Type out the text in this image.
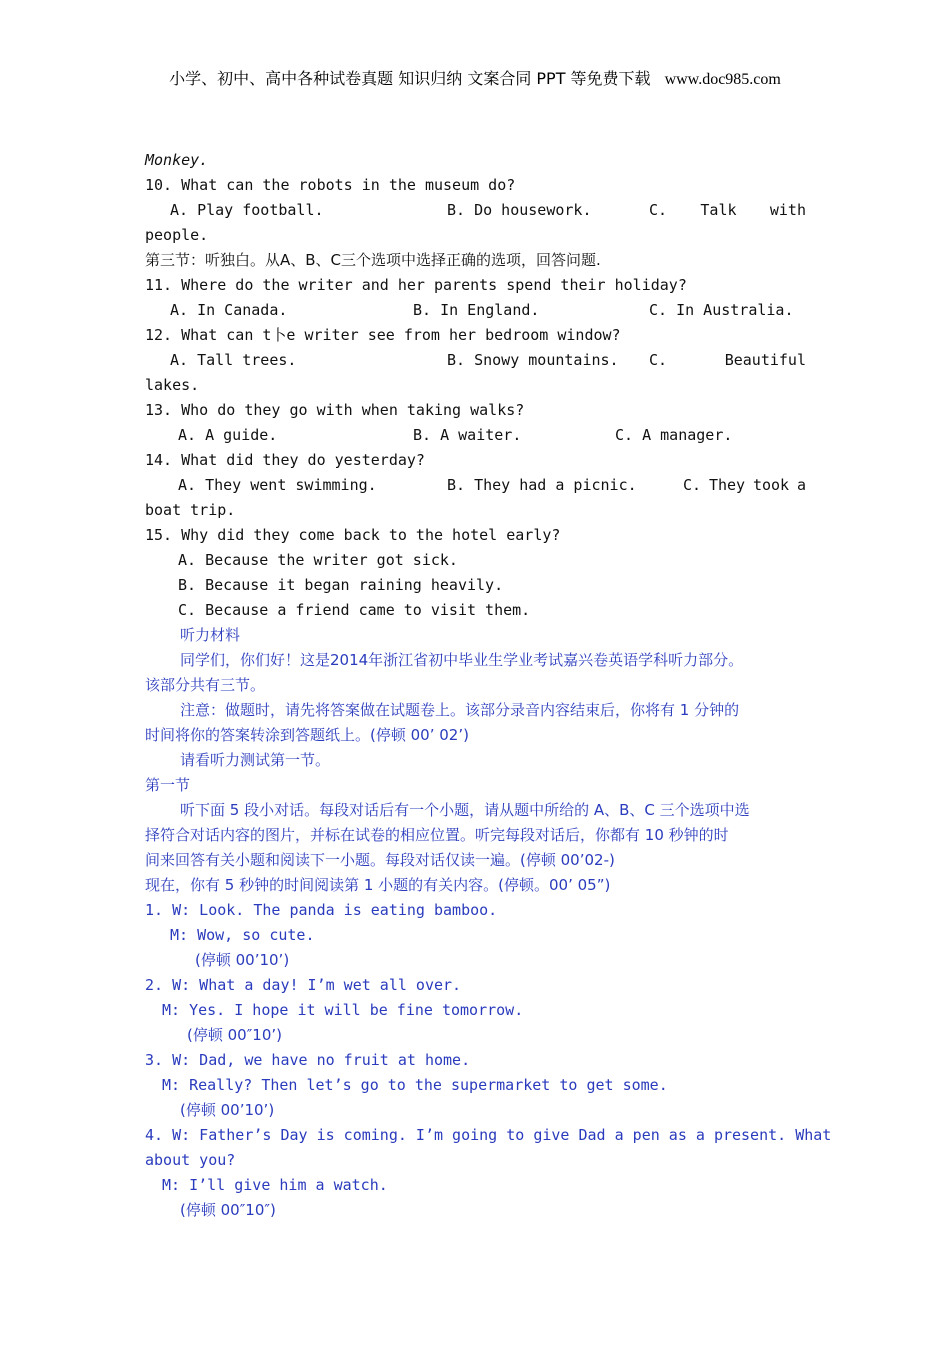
小学、初中、高中各种试卷真题 知识归纳 文案合同 PPT 等免费下载 www.doc985.com
Monkey.
10. What can the robots in the museum do?
A. Play football.	B. Do housework.	C. Talk with
people.
第三节：听独白。从A、B、C三个选项中选择正确的选项，回答问题.
11. Where do the writer and her parents spend their holiday?
A. In Canada.	B. In England.	C. In Australia.
12. What can t卜e writer see from her bedroom window?
A. Tall trees.	B. Snowy mountains. C.	Beautiful
lakes.
13. Who do they go with when taking walks?
A. A guide.	B. A waiter.	C. A manager.
14. What did they do yesterday?
A. They went swimming.	B. They had a picnic.	C. They took a
boat trip.
15. Why did they come back to the hotel early?
A. Because the writer got sick.
B. Because it began raining heavily.
C. Because a friend came to visit them.
听力材料
同学们，你们好！这是2014年浙江省初中毕业生学业考试嘉兴卷英语学科听力部分。
该部分共有三节。
注意：做题时，请先将答案做在试题卷上。该部分录音内容结束后，你将有 1 分钟的
时间将你的答案转涂到答题纸上。(停顿 00’ 02’)
请看听力测试第一节。
第一节
听下面 5 段小对话。每段对话后有一个小题，请从题中所给的 A、B、C 三个选项中选
择符合对话内容的图片，并标在试卷的相应位置。听完每段对话后，你都有 10 秒钟的时
间来回答有关小题和阅读下一小题。每段对话仅读一遍。(停顿 00’02-)
现在，你有 5 秒钟的时间阅读第 1 小题的有关内容。(停顿。00’ 05”)
1. W: Look. The panda is eating bamboo.
M: Wow, so cute.
(停顿 00’10’)
2. W: What a day! I’m wet all over.
M: Yes. I hope it will be fine tomorrow.
(停顿 00″10’)
3. W: Dad, we have no fruit at home.
M: Really? Then let’s go to the supermarket to get some.
(停顿 00’10’)
4. W: Father’s Day is coming. I’m going to give Dad a pen as a present. What
about you?
M: I’ll give him a watch.
(停顿 00″10″)
